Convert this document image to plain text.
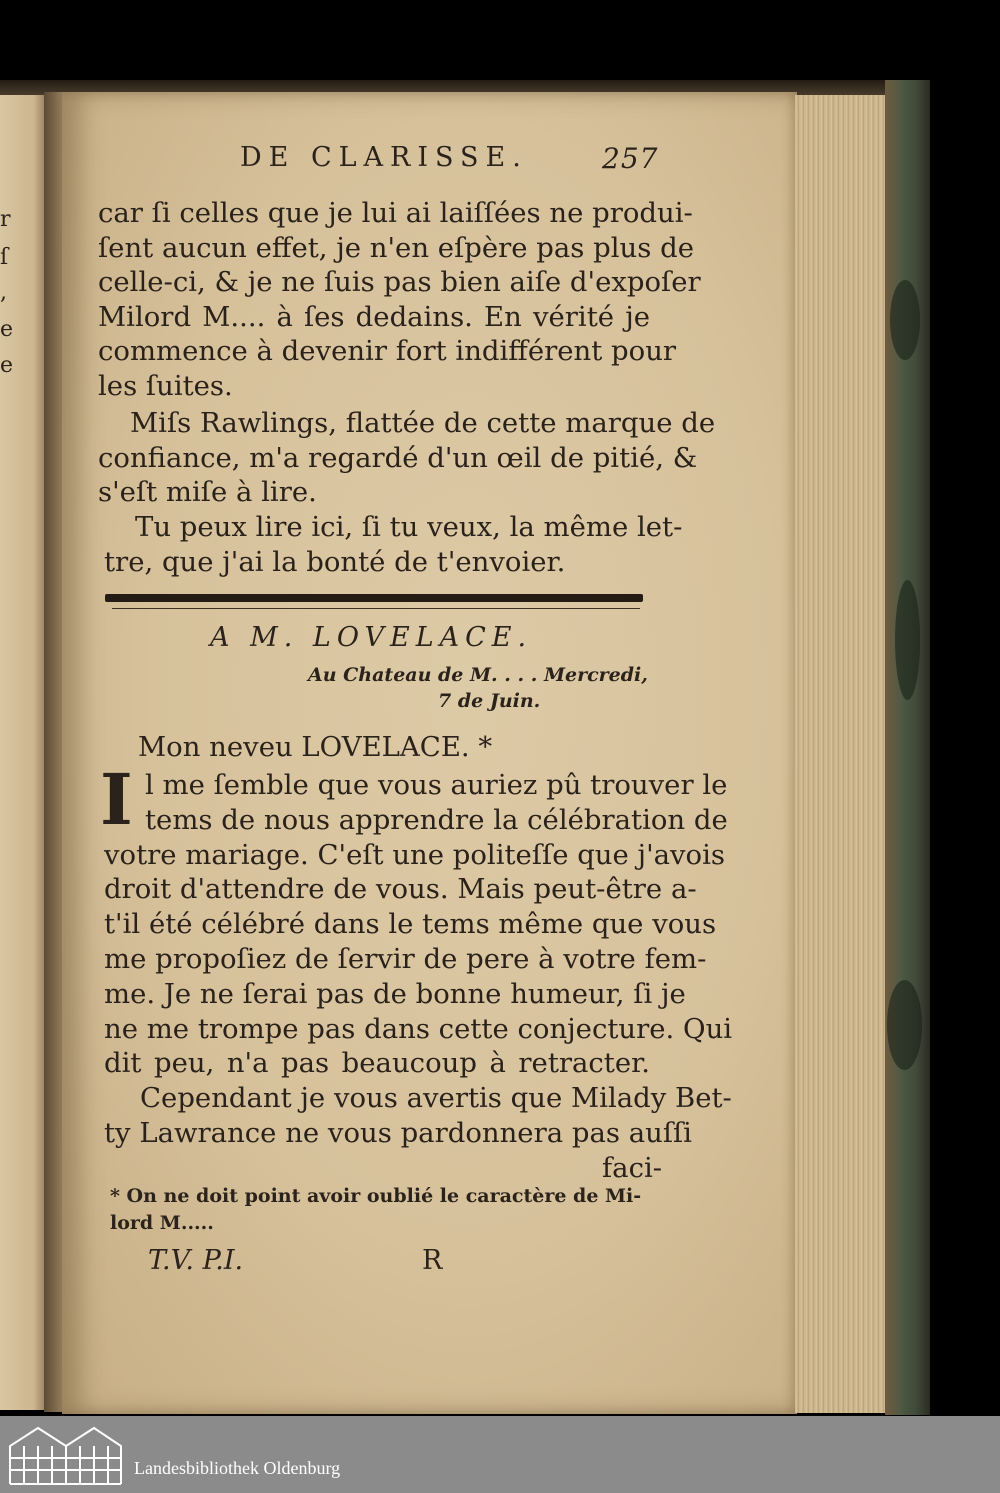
r
ſ
,
e
e
DE CLARISSE.	257
car ſi celles que je lui ai laiſſées ne produi-
ſent aucun effet, je n'en eſpère pas plus de
celle-ci, & je ne ſuis pas bien aiſe d'expoſer
Milord M.... à ſes dedains. En vérité je
commence à devenir fort indifférent pour
les ſuites.
Miſs Rawlings, flattée de cette marque de
confiance, m'a regardé d'un œil de pitié, &
s'eſt miſe à lire.
Tu peux lire ici, ſi tu veux, la même let-
tre, que j'ai la bonté de t'envoier.
A M. LOVELACE.
Au Chateau de M. . . . Mercredi,
7 de Juin.
Mon neveu LOVELACE. *
I l me ſemble que vous auriez pû trouver le
tems de nous apprendre la célébration de
votre mariage. C'eſt une politeſſe que j'avois
droit d'attendre de vous. Mais peut-être a-
t'il été célébré dans le tems même que vous
me propoſiez de ſervir de pere à votre fem-
me. Je ne ſerai pas de bonne humeur, ſi je
ne me trompe pas dans cette conjecture. Qui
dit peu, n'a pas beaucoup à retracter.
Cependant je vous avertis que Milady Bet-
ty Lawrance ne vous pardonnera pas auſſi
faci-
* On ne doit point avoir oublié le caractère de Mi-
lord M.....
T.V. P.I.	R
Landesbibliothek Oldenburg
